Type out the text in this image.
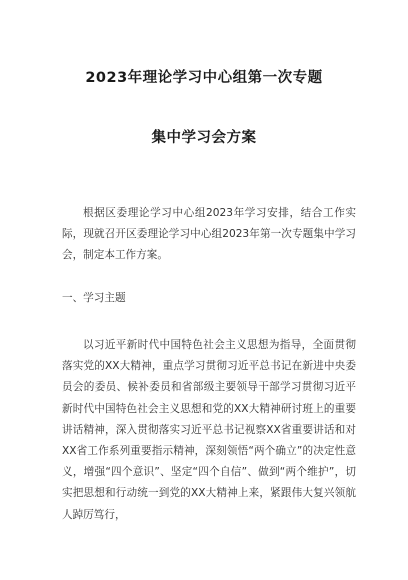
2023年理论学习中心组第一次专题
集中学习会方案

根据区委理论学习中心组2023年学习安排，结合工作实际，现就召开区委理论学习中心组2023年第一次专题集中学习会，制定本工作方案。

一、学习主题

以习近平新时代中国特色社会主义思想为指导，全面贯彻落实党的XX大精神，重点学习贯彻习近平总书记在新进中央委员会的委员、候补委员和省部级主要领导干部学习贯彻习近平新时代中国特色社会主义思想和党的XX大精神研讨班上的重要讲话精神，深入贯彻落实习近平总书记视察XX省重要讲话和对XX省工作系列重要指示精神，深刻领悟“两个确立”的决定性意义，增强“四个意识”、坚定“四个自信”、做到“两个维护”，切实把思想和行动统一到党的XX大精神上来，紧跟伟大复兴领航人踔厉笃行，
